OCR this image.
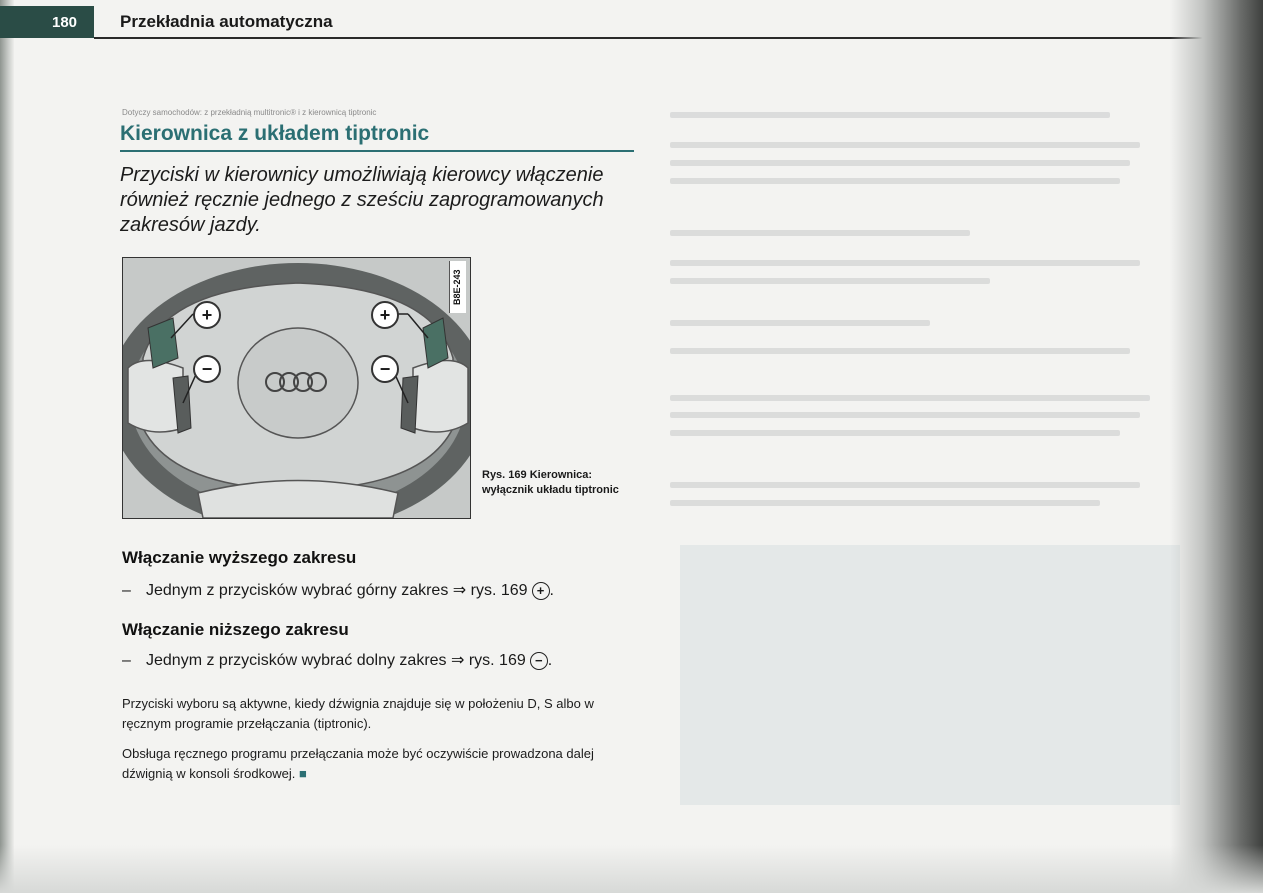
180	Przekładnia automatyczna
Dotyczy samochodów: z przekładnią multitronic® i z kierownicą tiptronic
Kierownica z układem tiptronic
Przyciski w kierownicy umożliwiają kierowcy włączenie również ręcznie jednego z sześciu zaprogramowanych zakresów jazdy.
+
−
+
−
B8E-243
Rys. 169 Kierownica: wyłącznik układu tiptronic
Włączanie wyższego zakresu
– Jednym z przycisków wybrać górny zakres ⇒ rys. 169 + .
Włączanie niższego zakresu
– Jednym z przycisków wybrać dolny zakres ⇒ rys. 169 − .
Przyciski wyboru są aktywne, kiedy dźwignia znajduje się w położeniu D, S albo w ręcznym programie przełączania (tiptronic).
Obsługa ręcznego programu przełączania może być oczywiście prowadzona dalej dźwignią w konsoli środkowej. ■
